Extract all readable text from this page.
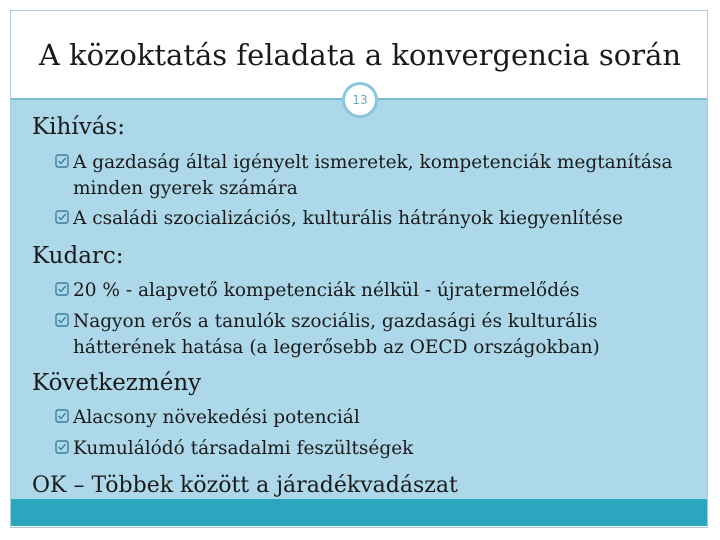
A közoktatás feladata a konvergencia során
13
Kihívás:
A gazdaság által igényelt ismeretek, kompetenciák megtanítása minden gyerek számára
A családi szocializációs, kulturális hátrányok kiegyenlítése
Kudarc:
20 % - alapvető kompetenciák nélkül - újratermelődés
Nagyon erős a tanulók szociális, gazdasági és kulturális hátterének hatása (a legerősebb az OECD országokban)
Következmény
Alacsony növekedési potenciál
Kumulálódó társadalmi feszültségek
OK – Többek között a járadékvadászat
